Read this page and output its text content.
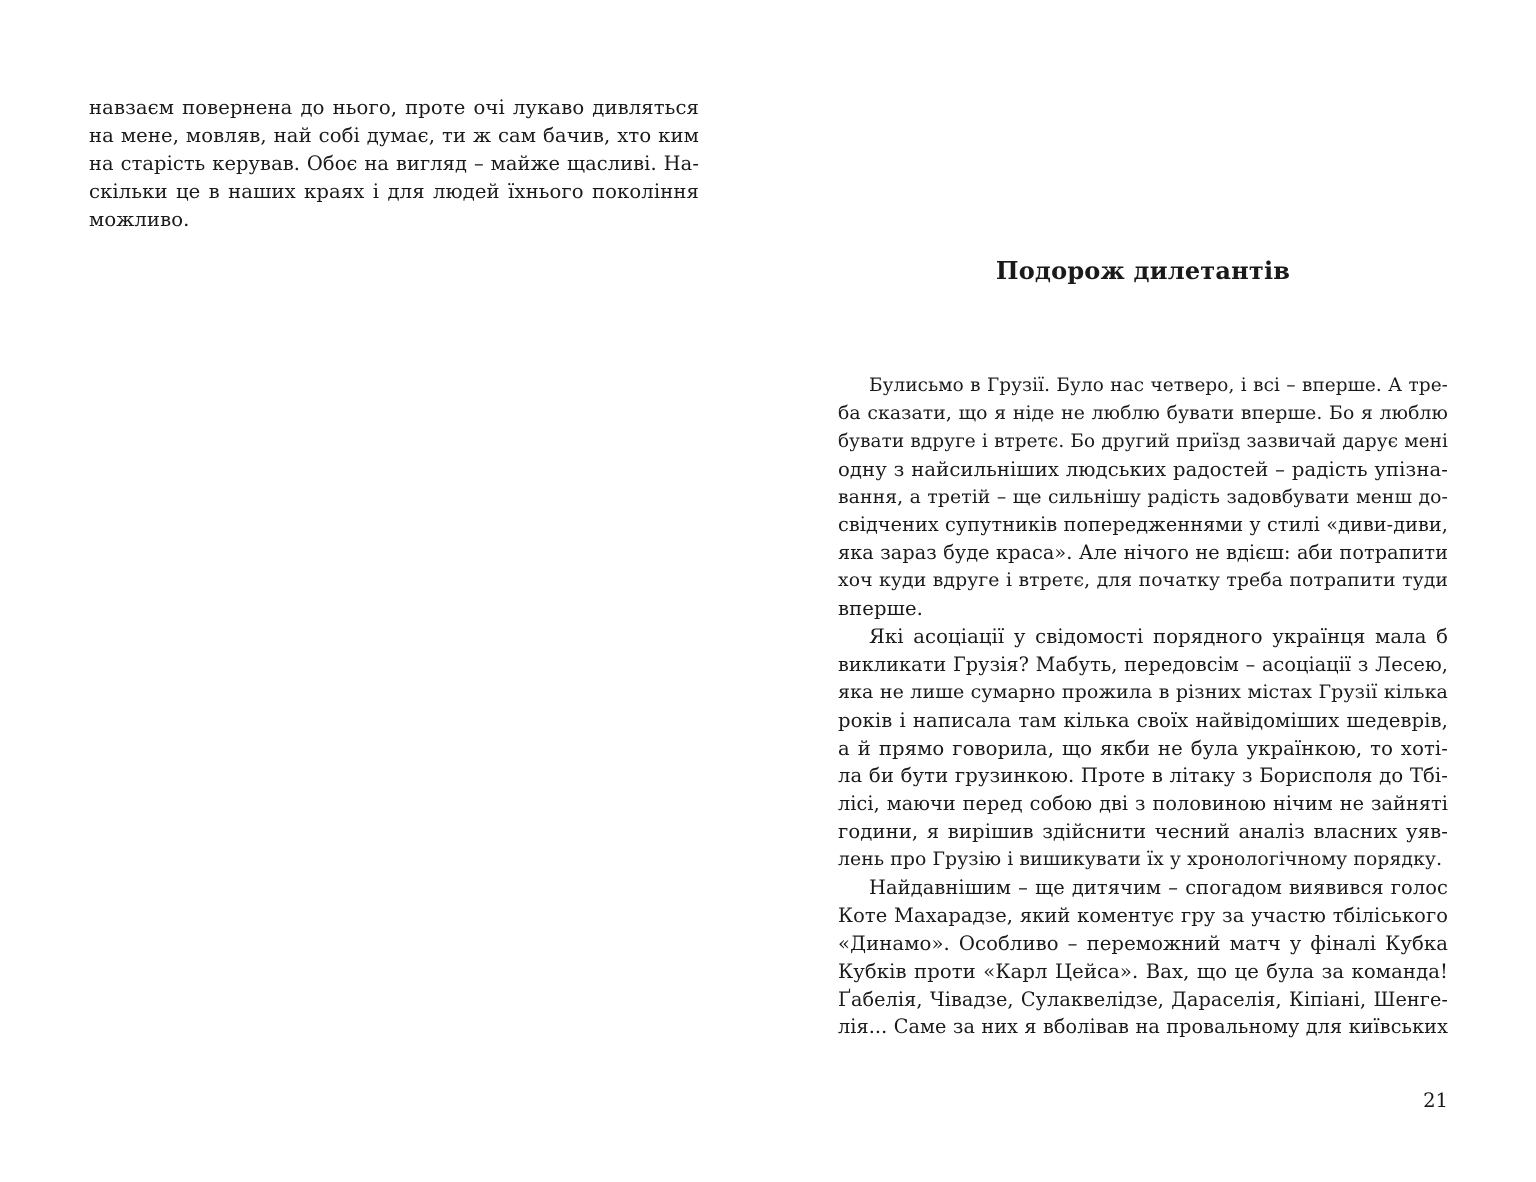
навзаєм повернена до нього, проте очі лукаво дивляться
на мене, мовляв, най собі думає, ти ж сам бачив, хто ким
на старість керував. Обоє на вигляд – майже щасливі. На-
скільки це в наших краях і для людей їхнього покоління
можливо.
Подорож дилетантів
Булисьмо в Грузії. Було нас четверо, і всі – вперше. А тре-
ба сказати, що я ніде не люблю бувати вперше. Бо я люблю
бувати вдруге і втретє. Бо другий приїзд зазвичай дарує мені
одну з найсильніших людських радостей – радість упізна-
вання, а третій – ще сильнішу радість задовбувати менш до-
свідчених супутників попередженнями у стилі «диви-диви,
яка зараз буде краса». Але нічого не вдієш: аби потрапити
хоч куди вдруге і втретє, для початку треба потрапити туди
вперше.
Які асоціації у свідомості порядного українця мала б
викликати Грузія? Мабуть, передовсім – асоціації з Лесею,
яка не лише сумарно прожила в різних містах Грузії кілька
років і написала там кілька своїх найвідоміших шедеврів,
а й прямо говорила, що якби не була українкою, то хоті-
ла би бути грузинкою. Проте в літаку з Борисполя до Тбі-
лісі, маючи перед собою дві з половиною нічим не зайняті
години, я вирішив здійснити чесний аналіз власних уяв-
лень про Грузію і вишикувати їх у хронологічному порядку.
Найдавнішим – ще дитячим – спогадом виявився голос
Коте Махарадзе, який коментує гру за участю тбіліського
«Динамо». Особливо – переможний матч у фіналі Кубка
Кубків проти «Карл Цейса». Вах, що це була за команда!
Ґабелія, Чівадзе, Сулаквелідзе, Дараселія, Кіпіані, Шенге-
лія... Саме за них я вболівав на провальному для київських
21
